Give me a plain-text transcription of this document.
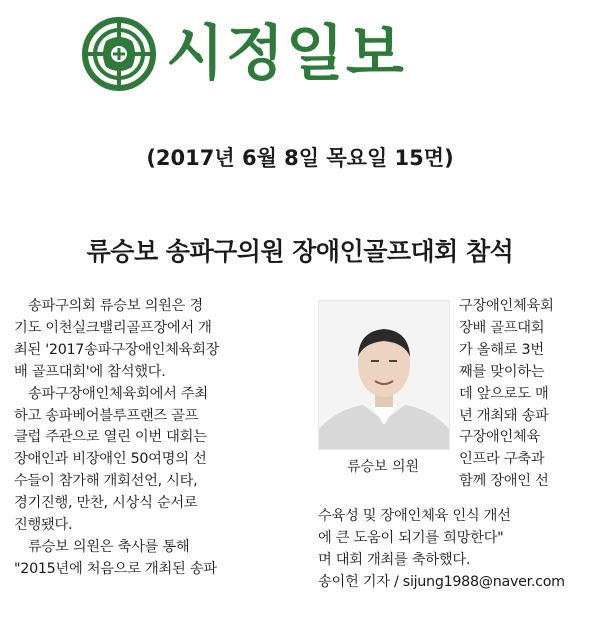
시정일보
(2017년 6월 8일 목요일 15면)
류승보 송파구의원 장애인골프대회 참석

송파구의회 류승보 의원은 경

기도 이천실크밸리골프장에서 개

최된 '2017송파구장애인체육회장

배 골프대회'에 참석했다.

송파구장애인체육회에서 주최

하고 송파베어블루프랜즈 골프

클럽 주관으로 열린 이번 대회는

장애인과 비장애인 50여명의 선

수들이 참가해 개회선언, 시타,

경기진행, 만찬, 시상식 순서로

진행됐다.

류승보 의원은 축사를 통해

"2015년에 처음으로 개최된 송파

류승보 의원

구장애인체육회

장배 골프대회

가 올해로 3번

째를 맞이하는

데 앞으로도 매

년 개최돼 송파

구장애인체육

인프라 구축과

함께 장애인 선

수육성 및 장애인체육 인식 개선

에 큰 도움이 되기를 희망한다"

며 대회 개최를 축하했다.

송이헌 기자 / sijung1988@naver.com
